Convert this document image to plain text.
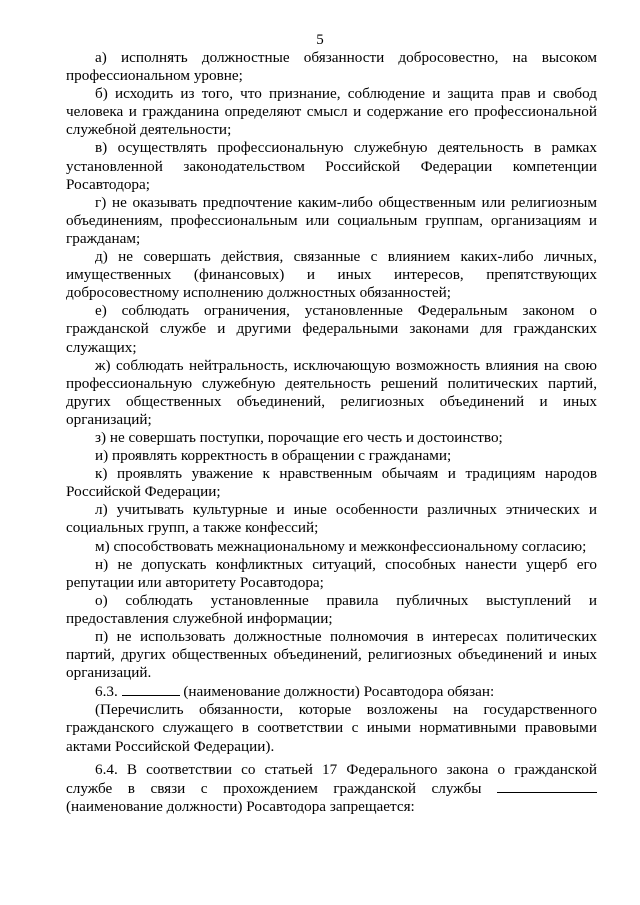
5

а) исполнять должностные обязанности добросовестно, на высоком профессиональном уровне;

б) исходить из того, что признание, соблюдение и защита прав и свобод человека и гражданина определяют смысл и содержание его профессиональной служебной деятельности;

в) осуществлять профессиональную служебную деятельность в рамках установленной законодательством Российской Федерации компетенции Росавтодора;

г) не оказывать предпочтение каким-либо общественным или религиозным объединениям, профессиональным или социальным группам, организациям и гражданам;

д) не совершать действия, связанные с влиянием каких-либо личных, имущественных (финансовых) и иных интересов, препятствующих добросовестному исполнению должностных обязанностей;

е) соблюдать ограничения, установленные Федеральным законом о гражданской службе и другими федеральными законами для гражданских служащих;

ж) соблюдать нейтральность, исключающую возможность влияния на свою профессиональную служебную деятельность решений политических партий, других общественных объединений, религиозных объединений и иных организаций;

з) не совершать поступки, порочащие его честь и достоинство;

и) проявлять корректность в обращении с гражданами;

к) проявлять уважение к нравственным обычаям и традициям народов Российской Федерации;

л) учитывать культурные и иные особенности различных этнических и социальных групп, а также конфессий;

м) способствовать межнациональному и межконфессиональному согласию;

н) не допускать конфликтных ситуаций, способных нанести ущерб его репутации или авторитету Росавтодора;

о) соблюдать установленные правила публичных выступлений и предоставления служебной информации;

п) не использовать должностные полномочия в интересах политических партий, других общественных объединений, религиозных объединений и иных организаций.

6.3.	(наименование должности) Росавтодора обязан:

(Перечислить обязанности, которые возложены на государственного гражданского служащего в соответствии с иными нормативными правовыми актами Российской Федерации).

6.4. В соответствии со статьей 17 Федерального закона о гражданской службе в связи с прохождением гражданской службы  (наименование должности) Росавтодора запрещается:
